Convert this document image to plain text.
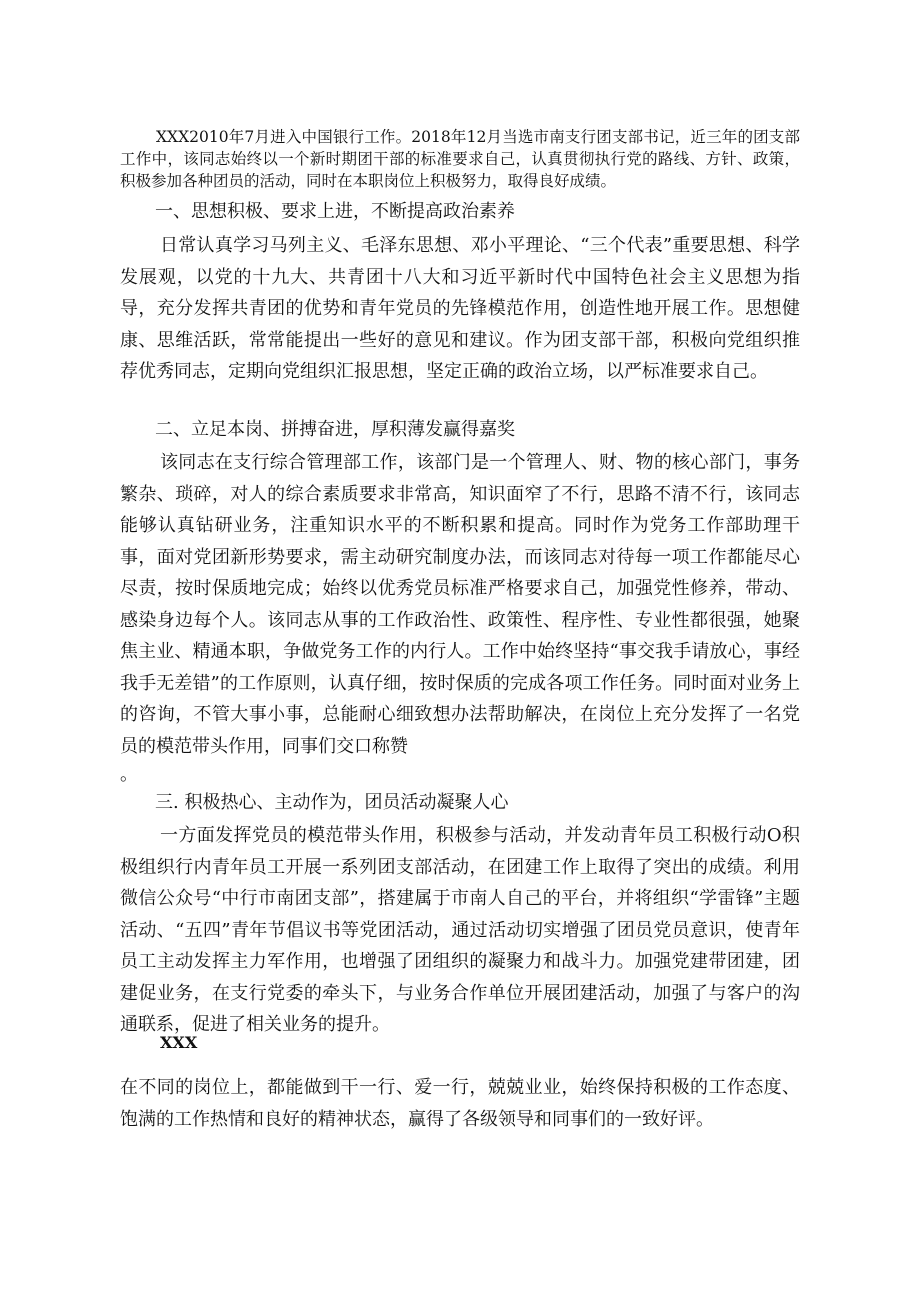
XXX2010年7月进入中国银行工作。2018年12月当选市南支行团支部书记，近三年的团支部工作中，该同志始终以一个新时期团干部的标准要求自己，认真贯彻执行党的路线、方针、政策，积极参加各种团员的活动，同时在本职岗位上积极努力，取得良好成绩。

一、思想积极、要求上进，不断提高政治素养

日常认真学习马列主义、毛泽东思想、邓小平理论、“三个代表”重要思想、科学发展观，以党的十九大、共青团十八大和习近平新时代中国特色社会主义思想为指导，充分发挥共青团的优势和青年党员的先锋模范作用，创造性地开展工作。思想健康、思维活跃，常常能提出一些好的意见和建议。作为团支部干部，积极向党组织推荐优秀同志，定期向党组织汇报思想，坚定正确的政治立场，以严标准要求自己。

二、立足本岗、拼搏奋进，厚积薄发赢得嘉奖

该同志在支行综合管理部工作，该部门是一个管理人、财、物的核心部门，事务繁杂、琐碎，对人的综合素质要求非常高，知识面窄了不行，思路不清不行，该同志能够认真钻研业务，注重知识水平的不断积累和提高。同时作为党务工作部助理干事，面对党团新形势要求，需主动研究制度办法，而该同志对待每一项工作都能尽心尽责，按时保质地完成；始终以优秀党员标准严格要求自己，加强党性修养，带动、感染身边每个人。该同志从事的工作政治性、政策性、程序性、专业性都很强，她聚焦主业、精通本职，争做党务工作的内行人。工作中始终坚持“事交我手请放心，事经我手无差错”的工作原则，认真仔细，按时保质的完成各项工作任务。同时面对业务上的咨询，不管大事小事，总能耐心细致想办法帮助解决，在岗位上充分发挥了一名党员的模范带头作用，同事们交口称赞

。

三. 积极热心、主动作为，团员活动凝聚人心

一方面发挥党员的模范带头作用，积极参与活动，并发动青年员工积极行动O积极组织行内青年员工开展一系列团支部活动，在团建工作上取得了突出的成绩。利用微信公众号“中行市南团支部”，搭建属于市南人自己的平台，并将组织“学雷锋”主题活动、“五四”青年节倡议书等党团活动，通过活动切实增强了团员党员意识，使青年员工主动发挥主力军作用，也增强了团组织的凝聚力和战斗力。加强党建带团建，团建促业务，在支行党委的牵头下，与业务合作单位开展团建活动，加强了与客户的沟通联系，促进了相关业务的提升。

XXX

在不同的岗位上，都能做到干一行、爱一行，兢兢业业，始终保持积极的工作态度、饱满的工作热情和良好的精神状态，赢得了各级领导和同事们的一致好评。
